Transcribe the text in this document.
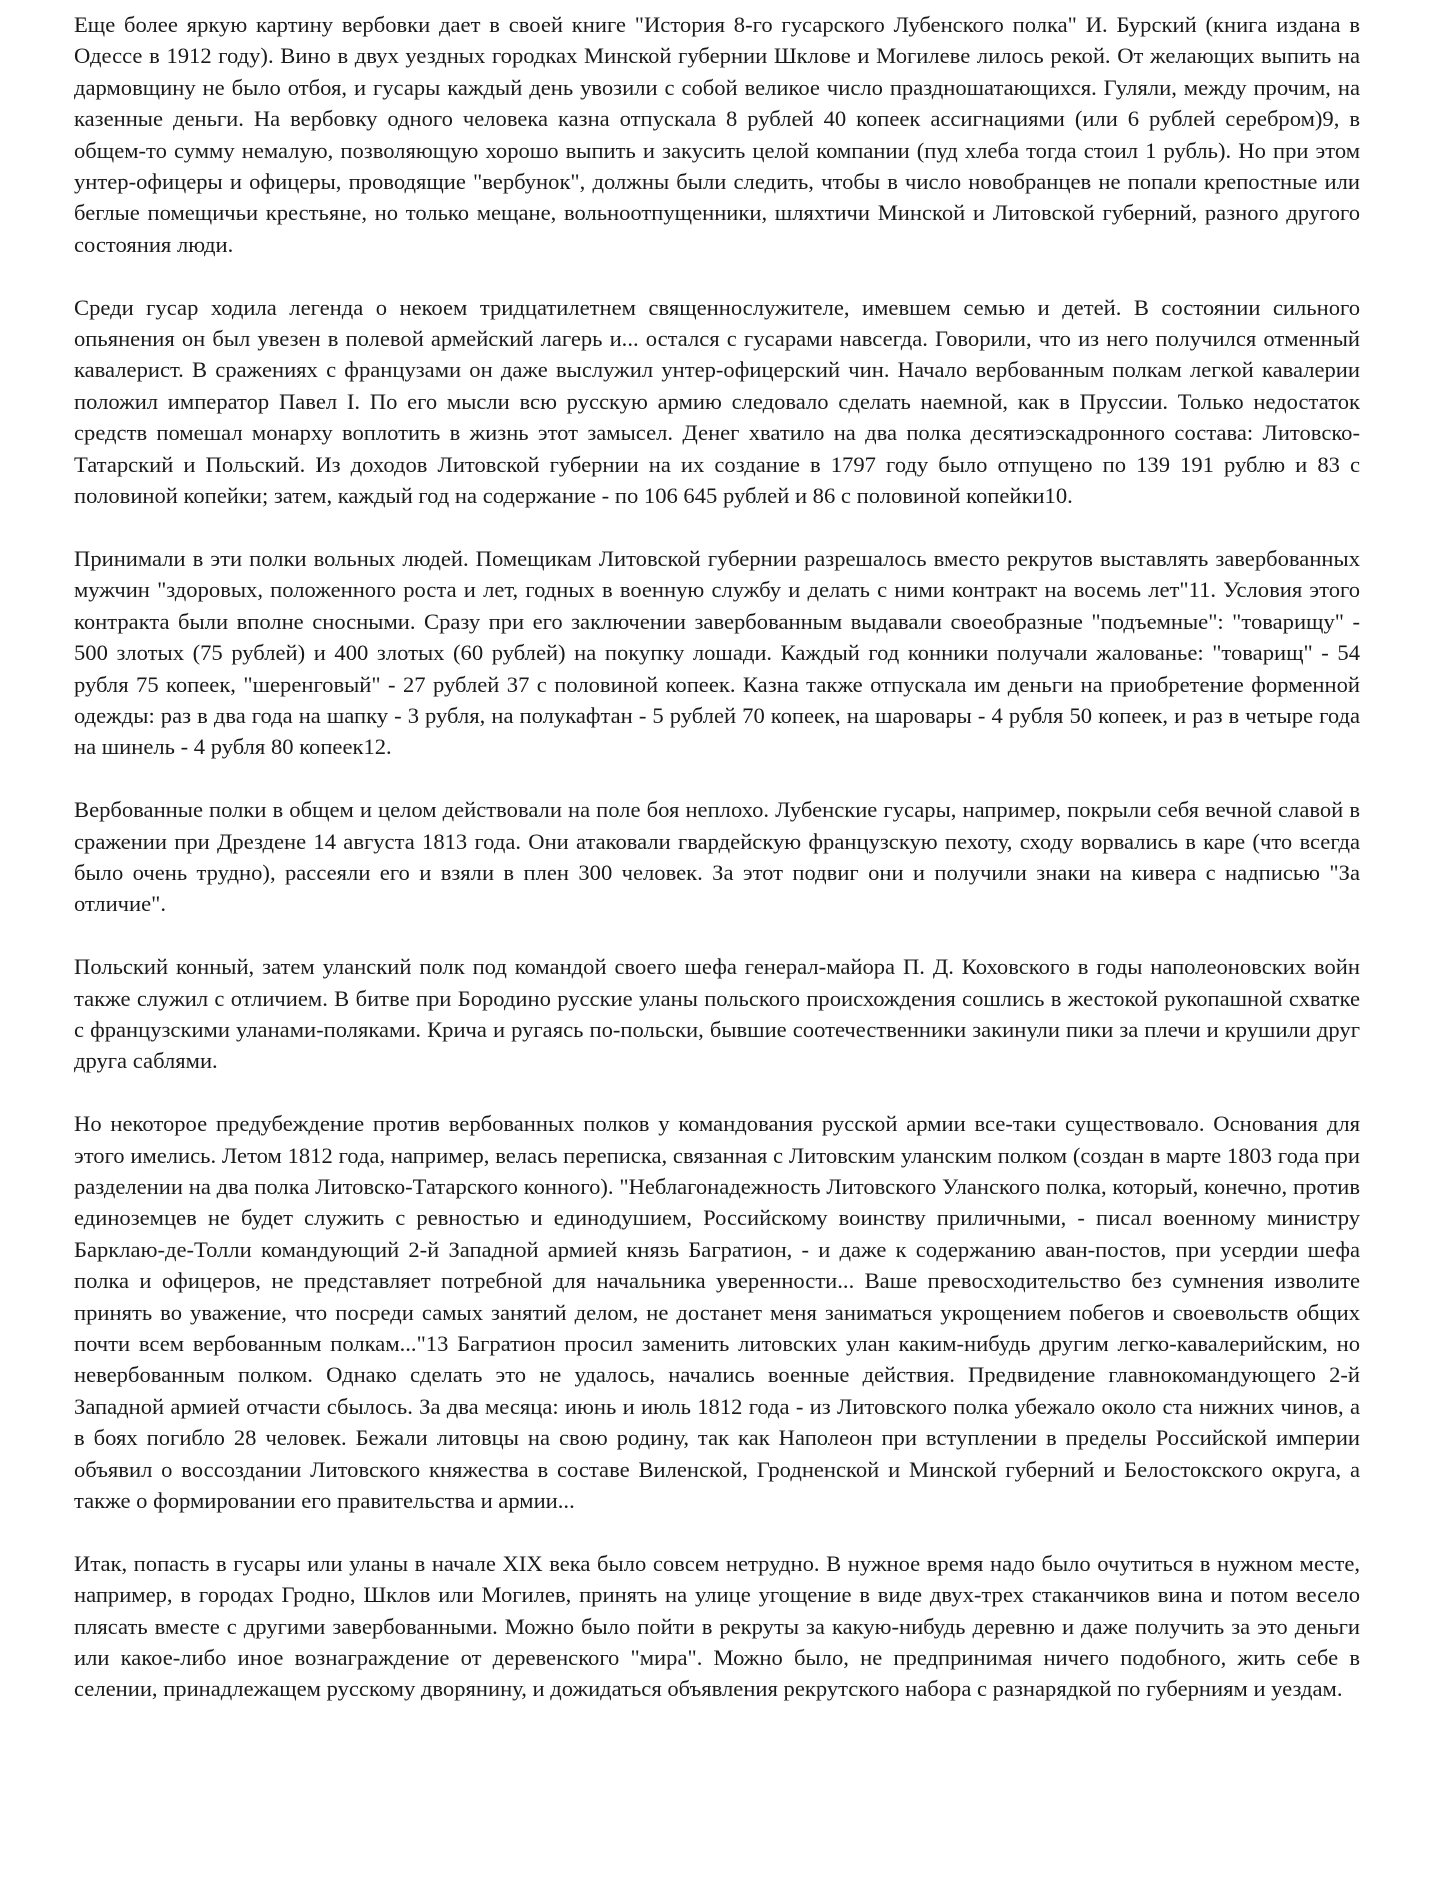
Еще более яркую картину вербовки дает в своей книге "История 8-го гусарского Лубенского полка" И. Бурский (книга издана в Одессе в 1912 году). Вино в двух уездных городках Минской губернии Шклове и Могилеве лилось рекой. От желающих выпить на дармовщину не было отбоя, и гусары каждый день увозили с собой великое число праздношатающихся. Гуляли, между прочим, на казенные деньги. На вербовку одного человека казна отпускала 8 рублей 40 копеек ассигнациями (или 6 рублей серебром)9, в общем-то сумму немалую, позволяющую хорошо выпить и закусить целой компании (пуд хлеба тогда стоил 1 рубль). Но при этом унтер-офицеры и офицеры, проводящие "вербунок", должны были следить, чтобы в число новобранцев не попали крепостные или беглые помещичьи крестьяне, но только мещане, вольноотпущенники, шляхтичи Минской и Литовской губерний, разного другого состояния люди.

Среди гусар ходила легенда о некоем тридцатилетнем священнослужителе, имевшем семью и детей. В состоянии сильного опьянения он был увезен в полевой армейский лагерь и... остался с гусарами навсегда. Говорили, что из него получился отменный кавалерист. В сражениях с французами он даже выслужил унтер-офицерский чин. Начало вербованным полкам легкой кавалерии положил император Павел I. По его мысли всю русскую армию следовало сделать наемной, как в Пруссии. Только недостаток средств помешал монарху воплотить в жизнь этот замысел. Денег хватило на два полка десятиэскадронного состава: Литовско-Татарский и Польский. Из доходов Литовской губернии на их создание в 1797 году было отпущено по 139 191 рублю и 83 с половиной копейки; затем, каждый год на содержание - по 106 645 рублей и 86 с половиной копейки10.

Принимали в эти полки вольных людей. Помещикам Литовской губернии разрешалось вместо рекрутов выставлять завербованных мужчин "здоровых, положенного роста и лет, годных в военную службу и делать с ними контракт на восемь лет"11. Условия этого контракта были вполне сносными. Сразу при его заключении завербованным выдавали своеобразные "подъемные": "товарищу" - 500 злотых (75 рублей) и 400 злотых (60 рублей) на покупку лошади. Каждый год конники получали жалованье: "товарищ" - 54 рубля 75 копеек, "шеренговый" - 27 рублей 37 с половиной копеек. Казна также отпускала им деньги на приобретение форменной одежды: раз в два года на шапку - 3 рубля, на полукафтан - 5 рублей 70 копеек, на шаровары - 4 рубля 50 копеек, и раз в четыре года на шинель - 4 рубля 80 копеек12.

Вербованные полки в общем и целом действовали на поле боя неплохо. Лубенские гусары, например, покрыли себя вечной славой в сражении при Дрездене 14 августа 1813 года. Они атаковали гвардейскую французскую пехоту, сходу ворвались в каре (что всегда было очень трудно), рассеяли его и взяли в плен 300 человек. За этот подвиг они и получили знаки на кивера с надписью "За отличие".

Польский конный, затем уланский полк под командой своего шефа генерал-майора П. Д. Коховского в годы наполеоновских войн также служил с отличием. В битве при Бородино русские уланы польского происхождения сошлись в жестокой рукопашной схватке с французскими уланами-поляками. Крича и ругаясь по-польски, бывшие соотечественники закинули пики за плечи и крушили друг друга саблями.

Но некоторое предубеждение против вербованных полков у командования русской армии все-таки существовало. Основания для этого имелись. Летом 1812 года, например, велась переписка, связанная с Литовским уланским полком (создан в марте 1803 года при разделении на два полка Литовско-Татарского конного). "Неблагонадежность Литовского Уланского полка, который, конечно, против единоземцев не будет служить с ревностью и единодушием, Российскому воинству приличными, - писал военному министру Барклаю-де-Толли командующий 2-й Западной армией князь Багратион, - и даже к содержанию аван-постов, при усердии шефа полка и офицеров, не представляет потребной для начальника уверенности... Ваше превосходительство без сумнения изволите принять во уважение, что посреди самых занятий делом, не достанет меня заниматься укрощением побегов и своевольств общих почти всем вербованным полкам..."13 Багратион просил заменить литовских улан каким-нибудь другим легко-кавалерийским, но невербованным полком. Однако сделать это не удалось, начались военные действия. Предвидение главнокомандующего 2-й Западной армией отчасти сбылось. За два месяца: июнь и июль 1812 года - из Литовского полка убежало около ста нижних чинов, а в боях погибло 28 человек. Бежали литовцы на свою родину, так как Наполеон при вступлении в пределы Российской империи объявил о воссоздании Литовского княжества в составе Виленской, Гродненской и Минской губерний и Белостокского округа, а также о формировании его правительства и армии...

Итак, попасть в гусары или уланы в начале XIX века было совсем нетрудно. В нужное время надо было очутиться в нужном месте, например, в городах Гродно, Шклов или Могилев, принять на улице угощение в виде двух-трех стаканчиков вина и потом весело плясать вместе с другими завербованными. Можно было пойти в рекруты за какую-нибудь деревню и даже получить за это деньги или какое-либо иное вознаграждение от деревенского "мира". Можно было, не предпринимая ничего подобного, жить себе в селении, принадлежащем русскому дворянину, и дожидаться объявления рекрутского набора с разнарядкой по губерниям и уездам.
